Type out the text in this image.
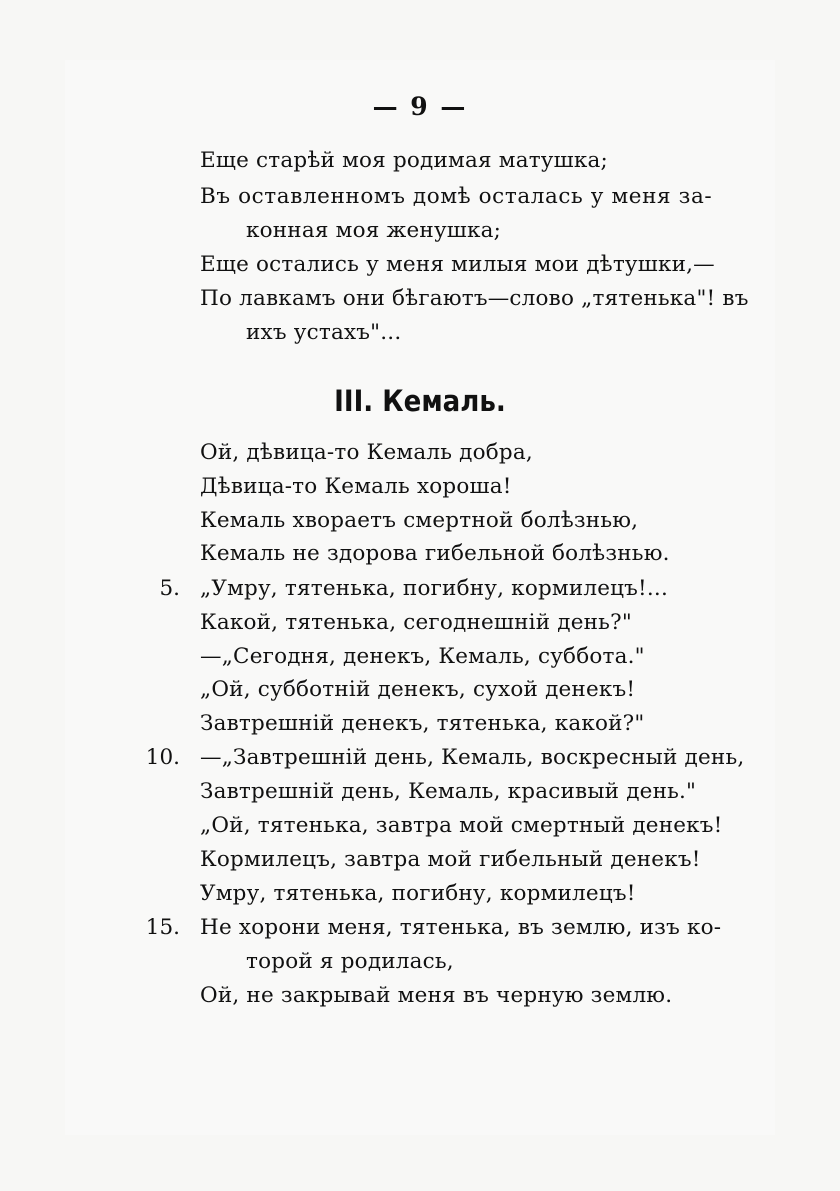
— 9 —
Еще старѣй моя родимая матушка;
Въ оставленномъ домѣ осталась у меня за-
конная моя женушка;
Еще остались у меня милыя мои дѣтушки,—
По лавкамъ они бѣгаютъ—слово „тятенька"! въ
ихъ устахъ"...
III. Кемаль.
Ой, дѣвица-то Кемаль добра,
Дѣвица-то Кемаль хороша!
Кемаль хвораетъ смертной болѣзнью,
Кемаль не здорова гибельной болѣзнью.
5. „Умру, тятенька, погибну, кормилецъ!...
Какой, тятенька, сегоднешній день?"
—„Сегодня, денекъ, Кемаль, суббота."
„Ой, субботній денекъ, сухой денекъ!
Завтрешній денекъ, тятенька, какой?"
10. —„Завтрешній день, Кемаль, воскресный день,
Завтрешній день, Кемаль, красивый день."
„Ой, тятенька, завтра мой смертный денекъ!
Кормилецъ, завтра мой гибельный денекъ!
Умру, тятенька, погибну, кормилецъ!
15. Не хорони меня, тятенька, въ землю, изъ ко-
торой я родилась,
Ой, не закрывай меня въ черную землю.
